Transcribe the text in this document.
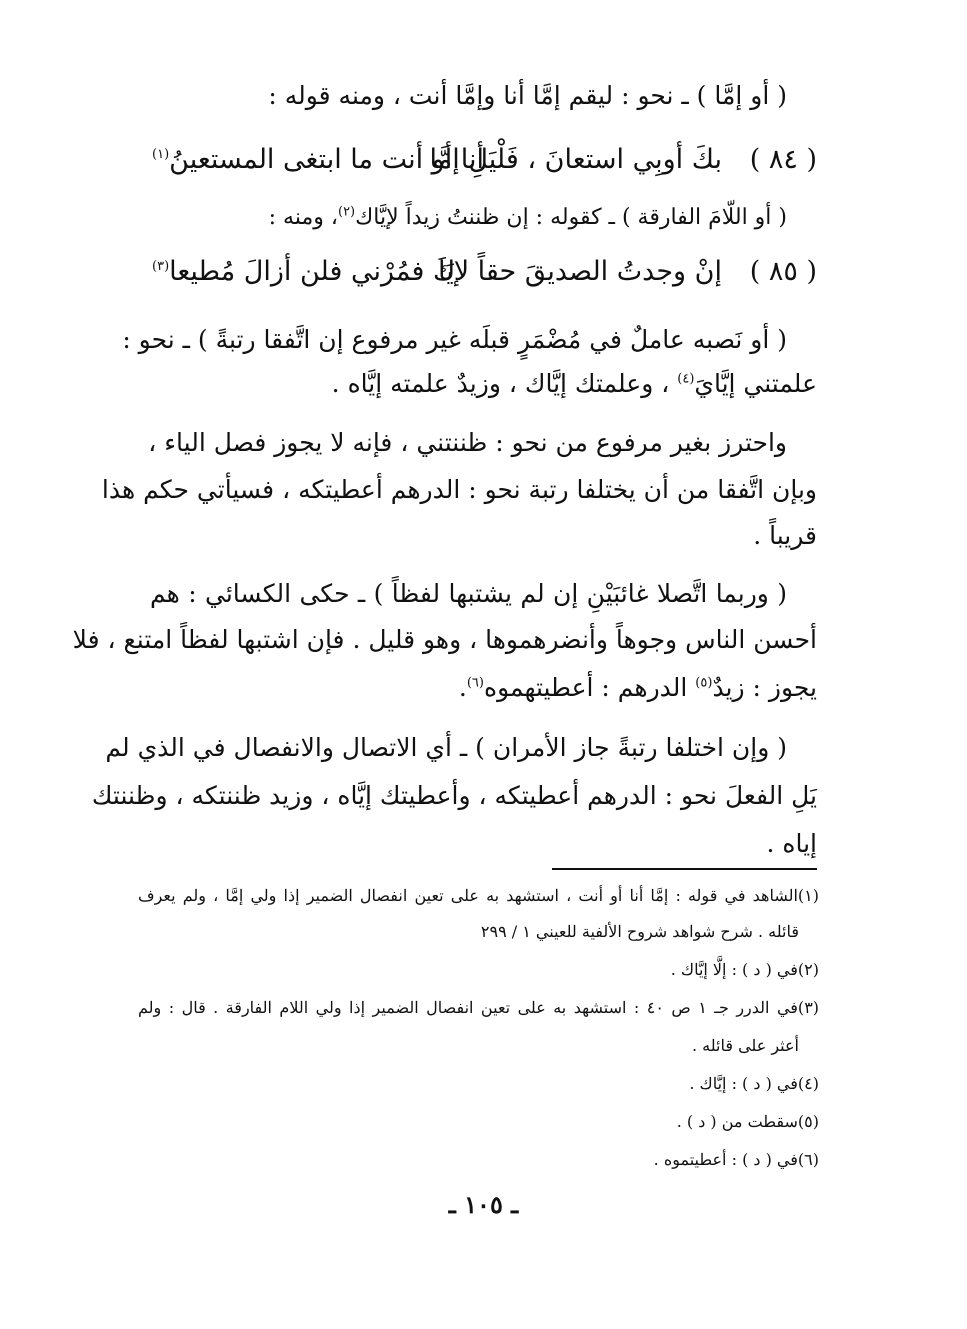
( أو إمَّا ) ـ نحو : ليقم إمَّا أنا وإمَّا أنت ، ومنه قوله :
( ٨٤ )
بكَ أوبِي استعانَ ، فَلْيَلِ إمَّا
أنا أو أنت ما ابتغى المستعينُ$^{(١)}$
( أو اللّامَ الفارقة ) ـ كقوله : إن ظننتُ زيداً لإيَّاك$^{(٢)}$، ومنه :
( ٨٥ )
إنْ وجدتُ الصديقَ حقاً لإيَا
كَ فمُرْني فلن أزالَ مُطيعا$^{(٣)}$
( أو نَصبه عاملٌ في مُضْمَرٍ قبلَه غير مرفوع إن اتَّفقا رتبةً ) ـ نحو :
علمتني إيَّايَ$^{(٤)}$ ، وعلمتك إيَّاك ، وزيدٌ علمته إيَّاه .
واحترز بغير مرفوع من نحو : ظننتني ، فإنه لا يجوز فصل الياء ،
وبإن اتَّفقا من أن يختلفا رتبة نحو : الدرهم أعطيتكه ، فسيأتي حكم هذا
قريباً .
( وربما اتَّصلا غائبَيْنِ إن لم يشتبها لفظاً ) ـ حكى الكسائي : هم
أحسن الناس وجوهاً وأنضرهموها ، وهو قليل . فإن اشتبها لفظاً امتنع ، فلا
يجوز : زيدٌ$^{(٥)}$ الدرهم : أعطيتهموه$^{(٦)}$.
( وإن اختلفا رتبةً جاز الأمران ) ـ أي الاتصال والانفصال في الذي لم
يَلِ الفعلَ نحو : الدرهم أعطيتكه ، وأعطيتك إيَّاه ، وزيد ظننتكه ، وظننتك
إياه .
(١)الشاهد في قوله : إمَّا أنا أو أنت ، استشهد به على تعين انفصال الضمير إذا ولي إمَّا ، ولم يعرف
قائله . شرح شواهد شروح الألفية للعيني ١ / ٢٩٩
(٢)في ( د ) : إلَّا إيَّاك .
(٣)في الدرر جـ ١ ص ٤٠ : استشهد به على تعين انفصال الضمير إذا ولي اللام الفارقة . قال : ولم
أعثر على قائله .
(٤)في ( د ) : إيَّاك .
(٥)سقطت من ( د ) .
(٦)في ( د ) : أعطيتموه .
ـ ١٠٥ ـ
